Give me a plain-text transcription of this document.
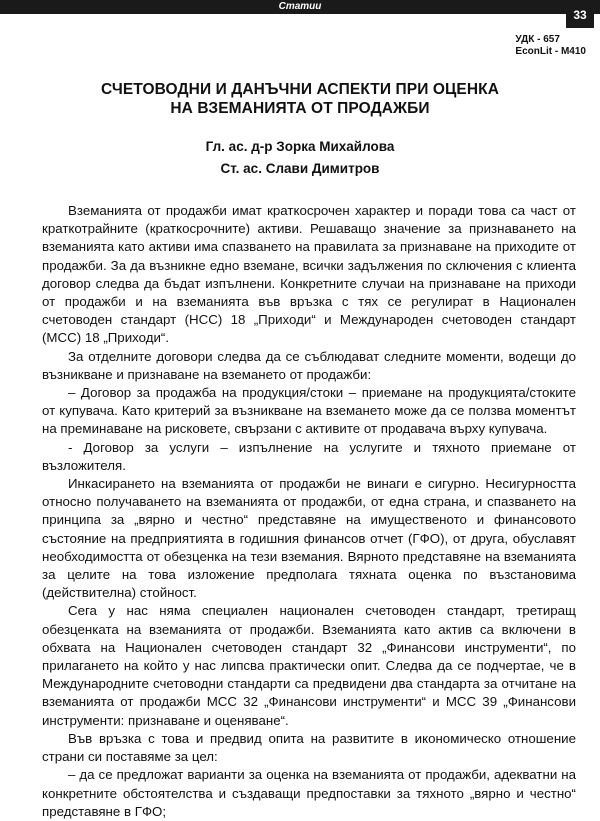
Статии
33
УДК - 657
EconLit - M410
СЧЕТОВОДНИ И ДАНЪЧНИ АСПЕКТИ ПРИ ОЦЕНКА
НА ВЗЕМАНИЯТА ОТ ПРОДАЖБИ
Гл. ас. д-р Зорка Михайлова
Ст. ас. Слави Димитров

Вземанията от продажби имат краткосрочен характер и поради това са част от краткотрайните (краткосрочните) активи. Решаващо значение за признаването на вземанията като активи има спазването на правилата за признаване на приходите от продажби. За да възникне едно вземане, всички задължения по сключения с клиента договор следва да бъдат изпълнени. Конкретните случаи на признаване на приходи от продажби и на вземанията във връзка с тях се регулират в Национален счетоводен стандарт (НСС) 18 „Приходи“ и Международен счетоводен стандарт (МСС) 18 „Приходи“.

За отделните договори следва да се съблюдават следните моменти, водещи до възникване и признаване на вземането от продажби:

– Договор за продажба на продукция/стоки – приемане на продукцията/стоките от купувача. Като критерий за възникване на вземането може да се ползва моментът на преминаване на рисковете, свързани с активите от продавача върху купувача.

- Договор за услуги – изпълнение на услугите и тяхното приемане от възложителя.

Инкасирането на вземанията от продажби не винаги е сигурно. Несигурността относно получаването на вземанията от продажби, от една страна, и спазването на принципа за „вярно и честно“ представяне на имущественото и финансовото състояние на предприятията в годишния финансов отчет (ГФО), от друга, обуславят необходимостта от обезценка на тези вземания. Вярното представяне на вземанията за целите на това изложение предполага тяхната оценка по възстановима (действителна) стойност.

Сега у нас няма специален национален счетоводен стандарт, третиращ обезценката на вземанията от продажби. Вземанията като актив са включени в обхвата на Национален счетоводен стандарт 32 „Финансови инструменти“, по прилагането на който у нас липсва практически опит. Следва да се подчертае, че в Международните счетоводни стандарти са предвидени два стандарта за отчитане на вземанията от продажби МСС 32 „Финансови инструменти“ и МСС 39 „Финансови инструменти: признаване и оценяване“.

Във връзка с това и предвид опита на развитите в икономическо отношение страни си поставяме за цел:

– да се предложат варианти за оценка на вземанията от продажби, адекватни на конкретните обстоятелства и създаващи предпоставки за тяхното „вярно и честно“ представяне в ГФО;
